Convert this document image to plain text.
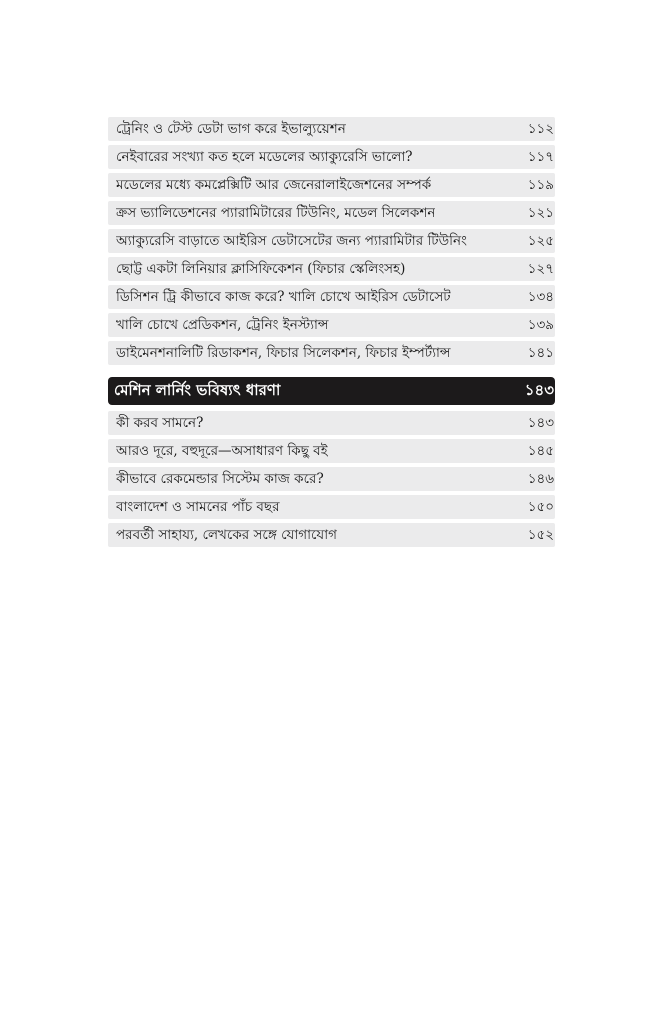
ট্রেনিং ও টেস্ট ডেটা ভাগ করে ইভাল্যুয়েশন	১১২
নেইবারের সংখ্যা কত হলে মডেলের অ্যাক্যুরেসি ভালো?	১১৭
মডেলের মধ্যে কমপ্লেক্সিটি আর জেনেরালাইজেশনের সম্পর্ক	১১৯
ক্রস ভ্যালিডেশনের প্যারামিটারের টিউনিং, মডেল সিলেকশন	১২১
অ্যাক্যুরেসি বাড়াতে আইরিস ডেটাসেটের জন্য প্যারামিটার টিউনিং	১২৫
ছোট্ট একটা লিনিয়ার ক্লাসিফিকেশন (ফিচার স্কেলিংসহ)	১২৭
ডিসিশন ট্রি কীভাবে কাজ করে? খালি চোখে আইরিস ডেটাসেট	১৩৪
খালি চোখে প্রেডিকশন, ট্রেনিং ইনস্ট্যান্স	১৩৯
ডাইমেনশনালিটি রিডাকশন, ফিচার সিলেকশন, ফিচার ইম্পর্ট্যান্স	১৪১
মেশিন লার্নিং ভবিষ্যৎ ধারণা	১৪৩
কী করব সামনে?	১৪৩
আরও দূরে, বহুদূরে—অসাধারণ কিছু বই	১৪৫
কীভাবে রেকমেন্ডার সিস্টেম কাজ করে?	১৪৬
বাংলাদেশ ও সামনের পাঁচ বছর	১৫০
পরবর্তী সাহায্য, লেখকের সঙ্গে যোগাযোগ	১৫২
